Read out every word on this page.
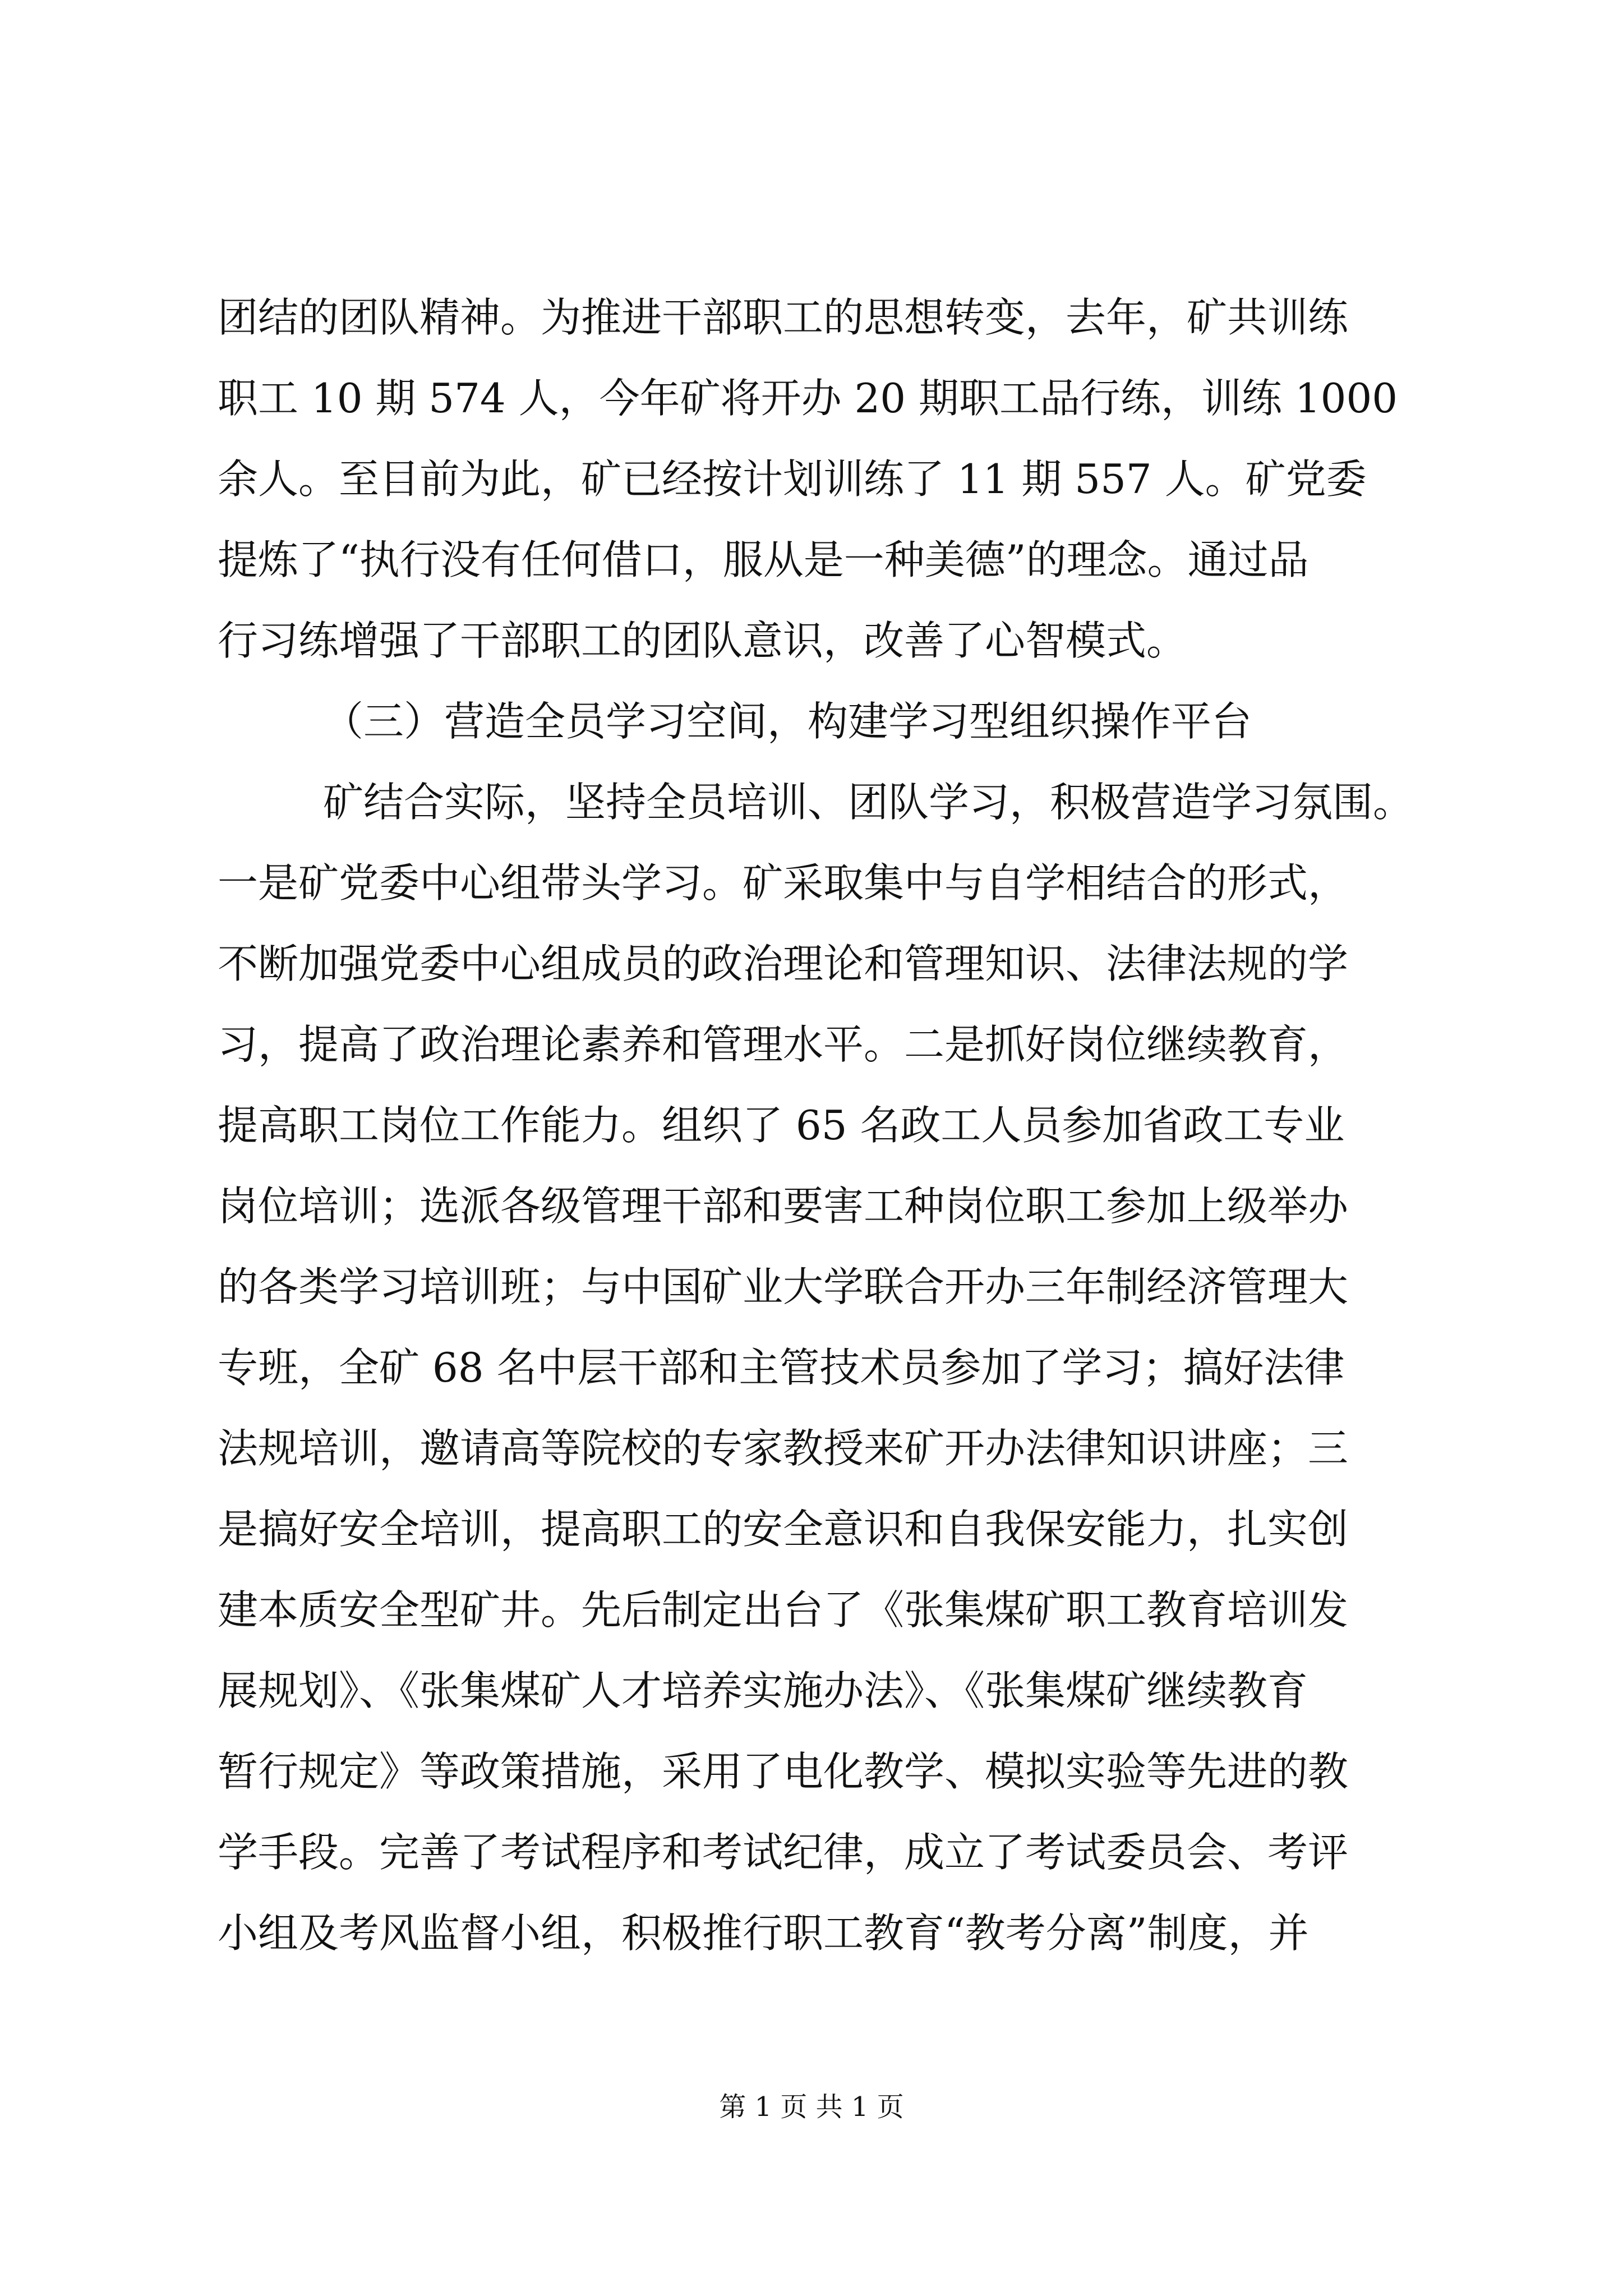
团结的团队精神。为推进干部职工的思想转变，去年，矿共训练
职工 10 期 574 人，今年矿将开办 20 期职工品行练，训练 1000
余人。至目前为此，矿已经按计划训练了 11 期 557 人。矿党委
提炼了“执行没有任何借口，服从是一种美德”的理念。通过品
行习练增强了干部职工的团队意识，改善了心智模式。
（三）营造全员学习空间，构建学习型组织操作平台
矿结合实际，坚持全员培训、团队学习，积极营造学习氛围。
一是矿党委中心组带头学习。矿采取集中与自学相结合的形式，
不断加强党委中心组成员的政治理论和管理知识、法律法规的学
习，提高了政治理论素养和管理水平。二是抓好岗位继续教育，
提高职工岗位工作能力。组织了 65 名政工人员参加省政工专业
岗位培训；选派各级管理干部和要害工种岗位职工参加上级举办
的各类学习培训班；与中国矿业大学联合开办三年制经济管理大
专班，全矿 68 名中层干部和主管技术员参加了学习；搞好法律
法规培训，邀请高等院校的专家教授来矿开办法律知识讲座；三
是搞好安全培训，提高职工的安全意识和自我保安能力，扎实创
建本质安全型矿井。先后制定出台了《张集煤矿职工教育培训发
展规划》、《张集煤矿人才培养实施办法》、《张集煤矿继续教育
暂行规定》等政策措施，采用了电化教学、模拟实验等先进的教
学手段。完善了考试程序和考试纪律，成立了考试委员会、考评
小组及考风监督小组，积极推行职工教育“教考分离”制度，并
第 1 页 共 1 页
